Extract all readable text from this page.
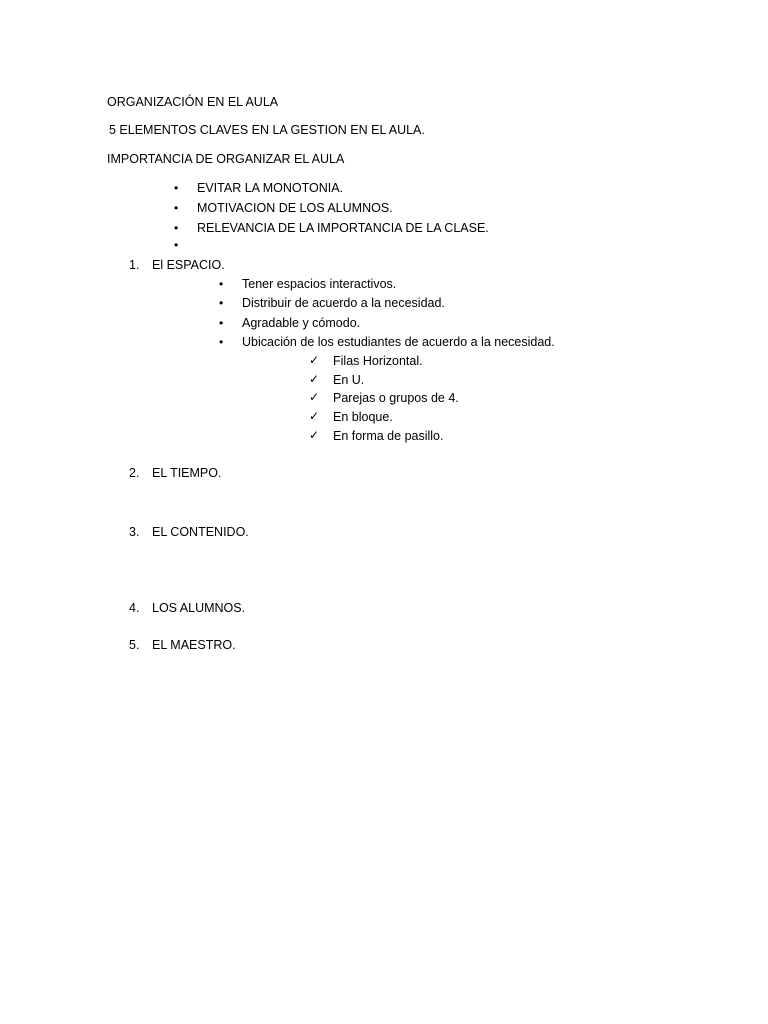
ORGANIZACIÓN EN EL AULA
5 ELEMENTOS CLAVES EN LA GESTION EN EL AULA.
IMPORTANCIA DE ORGANIZAR EL AULA
• EVITAR LA MONOTONIA.
• MOTIVACION DE LOS ALUMNOS.
• RELEVANCIA DE LA IMPORTANCIA DE LA CLASE.
•
1. El ESPACIO.
• Tener espacios interactivos.
• Distribuir de acuerdo a la necesidad.
• Agradable y cómodo.
• Ubicación de los estudiantes de acuerdo a la necesidad.
✓ Filas Horizontal.
✓ En U.
✓ Parejas o grupos de 4.
✓ En bloque.
✓ En forma de pasillo.
2. EL TIEMPO.
3. EL CONTENIDO.
4. LOS ALUMNOS.
5. EL MAESTRO.
